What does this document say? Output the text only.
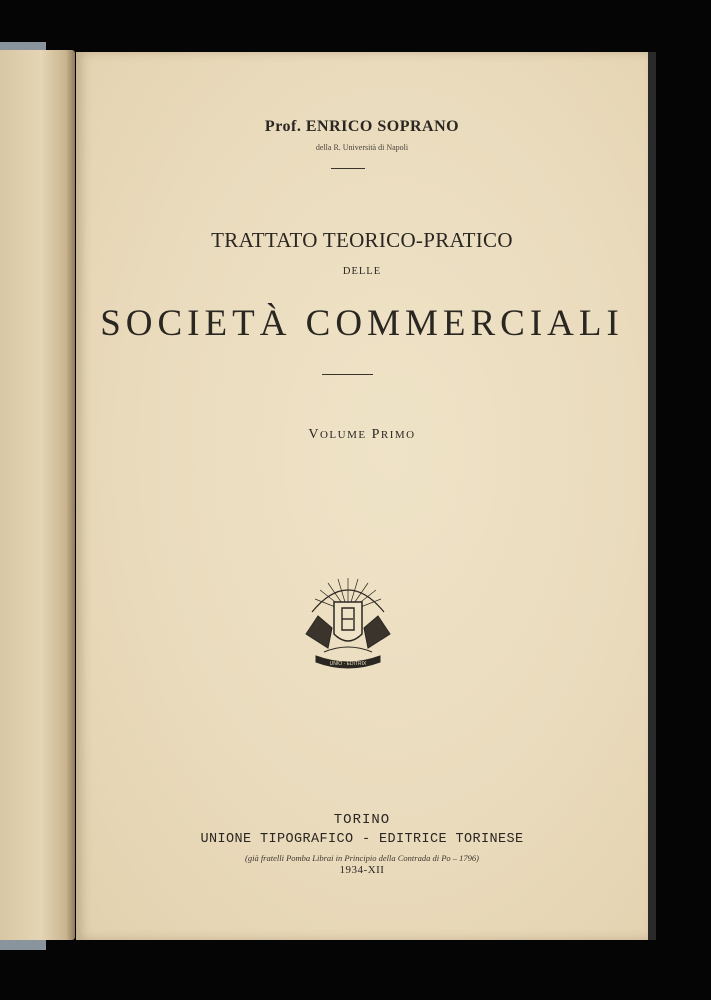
Prof. ENRICO SOPRANO
della R. Università di Napoli
TRATTATO TEORICO-PRATICO
DELLE
SOCIETÀ COMMERCIALI
VOLUME PRIMO
UNIO · EDITRIX
TORINO
UNIONE TIPOGRAFICO - EDITRICE TORINESE
(già fratelli Pomba Librai in Principio della Contrada di Po – 1796)
1934-XII
